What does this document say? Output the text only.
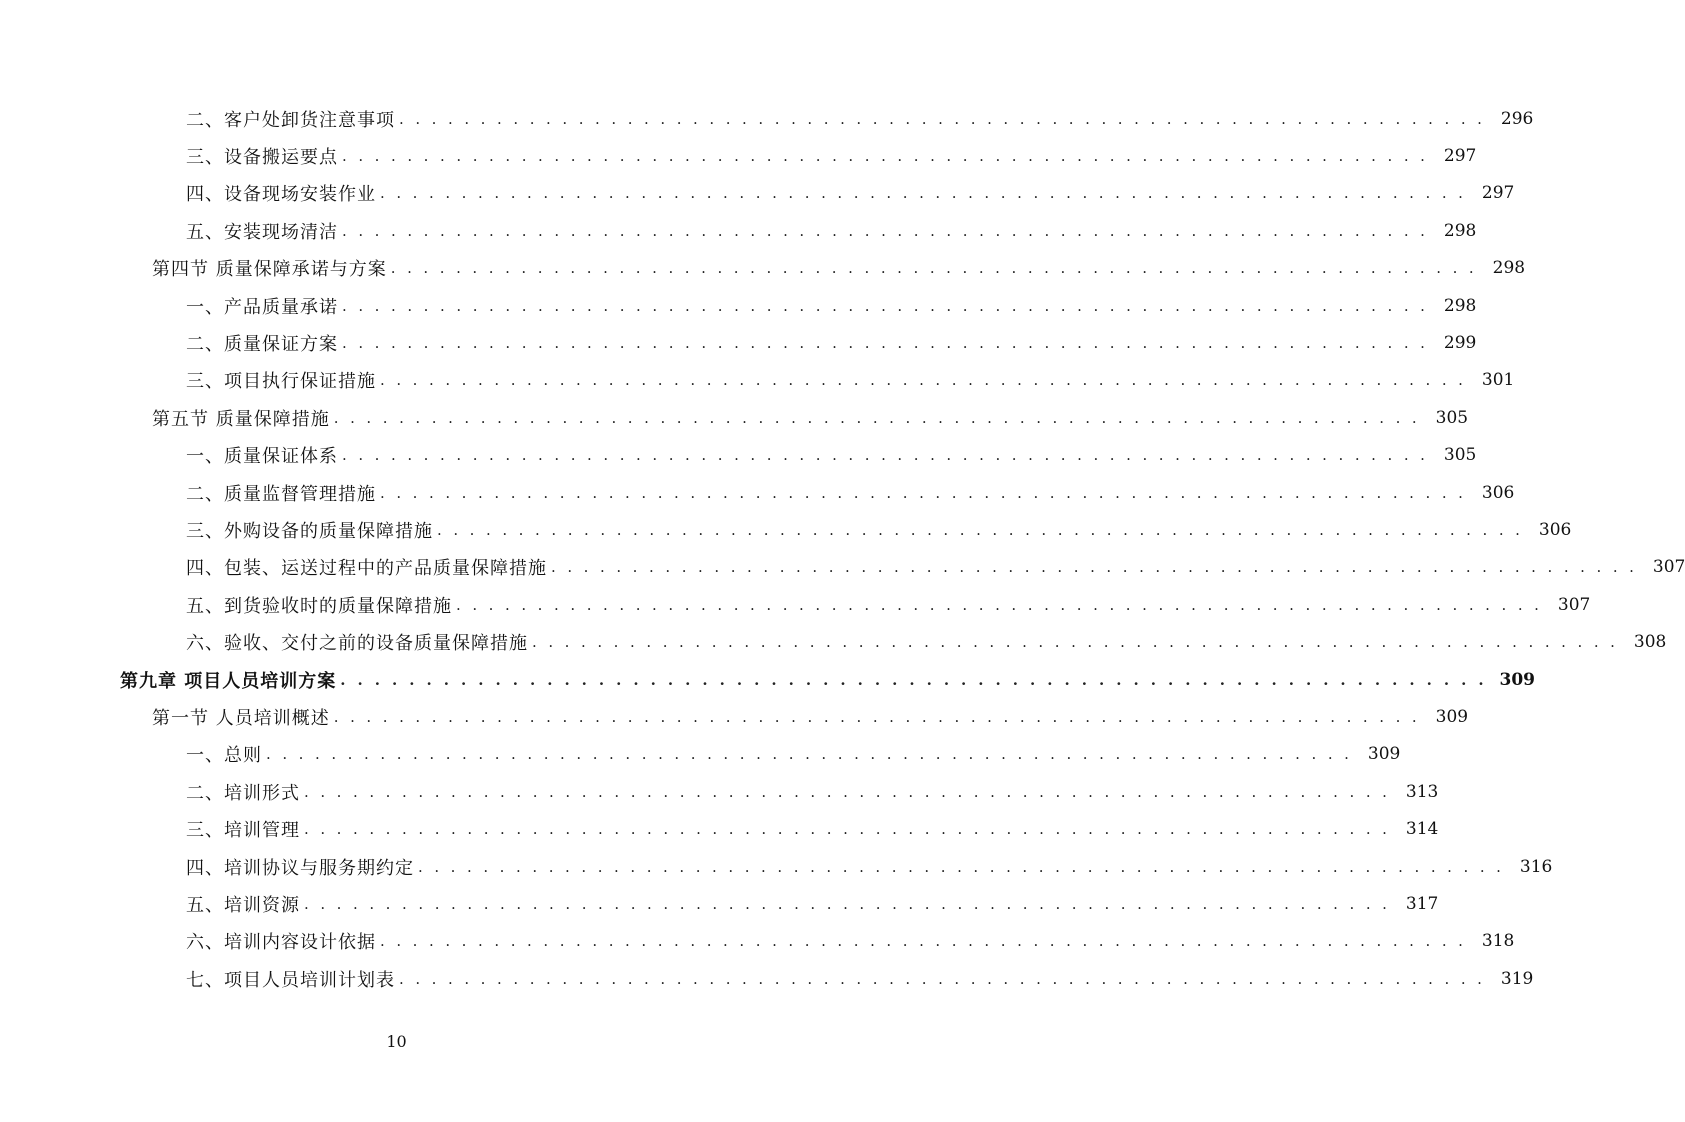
二、客户处卸货注意事项 . . . . . . . . . . . . . . . . . . . . . . . . . . . . . . . . . . . . . . . . . . . . . . . . . . . . . . . . . . . . . . . . . . . 296
三、设备搬运要点 . . . . . . . . . . . . . . . . . . . . . . . . . . . . . . . . . . . . . . . . . . . . . . . . . . . . . . . . . . . . . . . . . . . 297
四、设备现场安装作业 . . . . . . . . . . . . . . . . . . . . . . . . . . . . . . . . . . . . . . . . . . . . . . . . . . . . . . . . . . . . . . . . . . . 297
五、安装现场清洁 . . . . . . . . . . . . . . . . . . . . . . . . . . . . . . . . . . . . . . . . . . . . . . . . . . . . . . . . . . . . . . . . . . . 298
第四节 质量保障承诺与方案 . . . . . . . . . . . . . . . . . . . . . . . . . . . . . . . . . . . . . . . . . . . . . . . . . . . . . . . . . . . . . . . . . . . 298
一、产品质量承诺 . . . . . . . . . . . . . . . . . . . . . . . . . . . . . . . . . . . . . . . . . . . . . . . . . . . . . . . . . . . . . . . . . . . 298
二、质量保证方案 . . . . . . . . . . . . . . . . . . . . . . . . . . . . . . . . . . . . . . . . . . . . . . . . . . . . . . . . . . . . . . . . . . . 299
三、项目执行保证措施 . . . . . . . . . . . . . . . . . . . . . . . . . . . . . . . . . . . . . . . . . . . . . . . . . . . . . . . . . . . . . . . . . . . 301
第五节 质量保障措施 . . . . . . . . . . . . . . . . . . . . . . . . . . . . . . . . . . . . . . . . . . . . . . . . . . . . . . . . . . . . . . . . . . . 305
一、质量保证体系 . . . . . . . . . . . . . . . . . . . . . . . . . . . . . . . . . . . . . . . . . . . . . . . . . . . . . . . . . . . . . . . . . . . 305
二、质量监督管理措施 . . . . . . . . . . . . . . . . . . . . . . . . . . . . . . . . . . . . . . . . . . . . . . . . . . . . . . . . . . . . . . . . . . . 306
三、外购设备的质量保障措施 . . . . . . . . . . . . . . . . . . . . . . . . . . . . . . . . . . . . . . . . . . . . . . . . . . . . . . . . . . . . . . . . . . . 306
四、包装、运送过程中的产品质量保障措施 . . . . . . . . . . . . . . . . . . . . . . . . . . . . . . . . . . . . . . . . . . . . . . . . . . . . . . . . . . . . . . . . . . . 307
五、到货验收时的质量保障措施 . . . . . . . . . . . . . . . . . . . . . . . . . . . . . . . . . . . . . . . . . . . . . . . . . . . . . . . . . . . . . . . . . . . 307
六、验收、交付之前的设备质量保障措施 . . . . . . . . . . . . . . . . . . . . . . . . . . . . . . . . . . . . . . . . . . . . . . . . . . . . . . . . . . . . . . . . . . . 308
第九章 项目人员培训方案 . . . . . . . . . . . . . . . . . . . . . . . . . . . . . . . . . . . . . . . . . . . . . . . . . . . . . . . . . . . . . . . . . . . 309
第一节 人员培训概述 . . . . . . . . . . . . . . . . . . . . . . . . . . . . . . . . . . . . . . . . . . . . . . . . . . . . . . . . . . . . . . . . . . . 309
一、总则 . . . . . . . . . . . . . . . . . . . . . . . . . . . . . . . . . . . . . . . . . . . . . . . . . . . . . . . . . . . . . . . . . . . 309
二、培训形式 . . . . . . . . . . . . . . . . . . . . . . . . . . . . . . . . . . . . . . . . . . . . . . . . . . . . . . . . . . . . . . . . . . . 313
三、培训管理 . . . . . . . . . . . . . . . . . . . . . . . . . . . . . . . . . . . . . . . . . . . . . . . . . . . . . . . . . . . . . . . . . . . 314
四、培训协议与服务期约定 . . . . . . . . . . . . . . . . . . . . . . . . . . . . . . . . . . . . . . . . . . . . . . . . . . . . . . . . . . . . . . . . . . . 316
五、培训资源 . . . . . . . . . . . . . . . . . . . . . . . . . . . . . . . . . . . . . . . . . . . . . . . . . . . . . . . . . . . . . . . . . . . 317
六、培训内容设计依据 . . . . . . . . . . . . . . . . . . . . . . . . . . . . . . . . . . . . . . . . . . . . . . . . . . . . . . . . . . . . . . . . . . . 318
七、项目人员培训计划表 . . . . . . . . . . . . . . . . . . . . . . . . . . . . . . . . . . . . . . . . . . . . . . . . . . . . . . . . . . . . . . . . . . . 319
10
